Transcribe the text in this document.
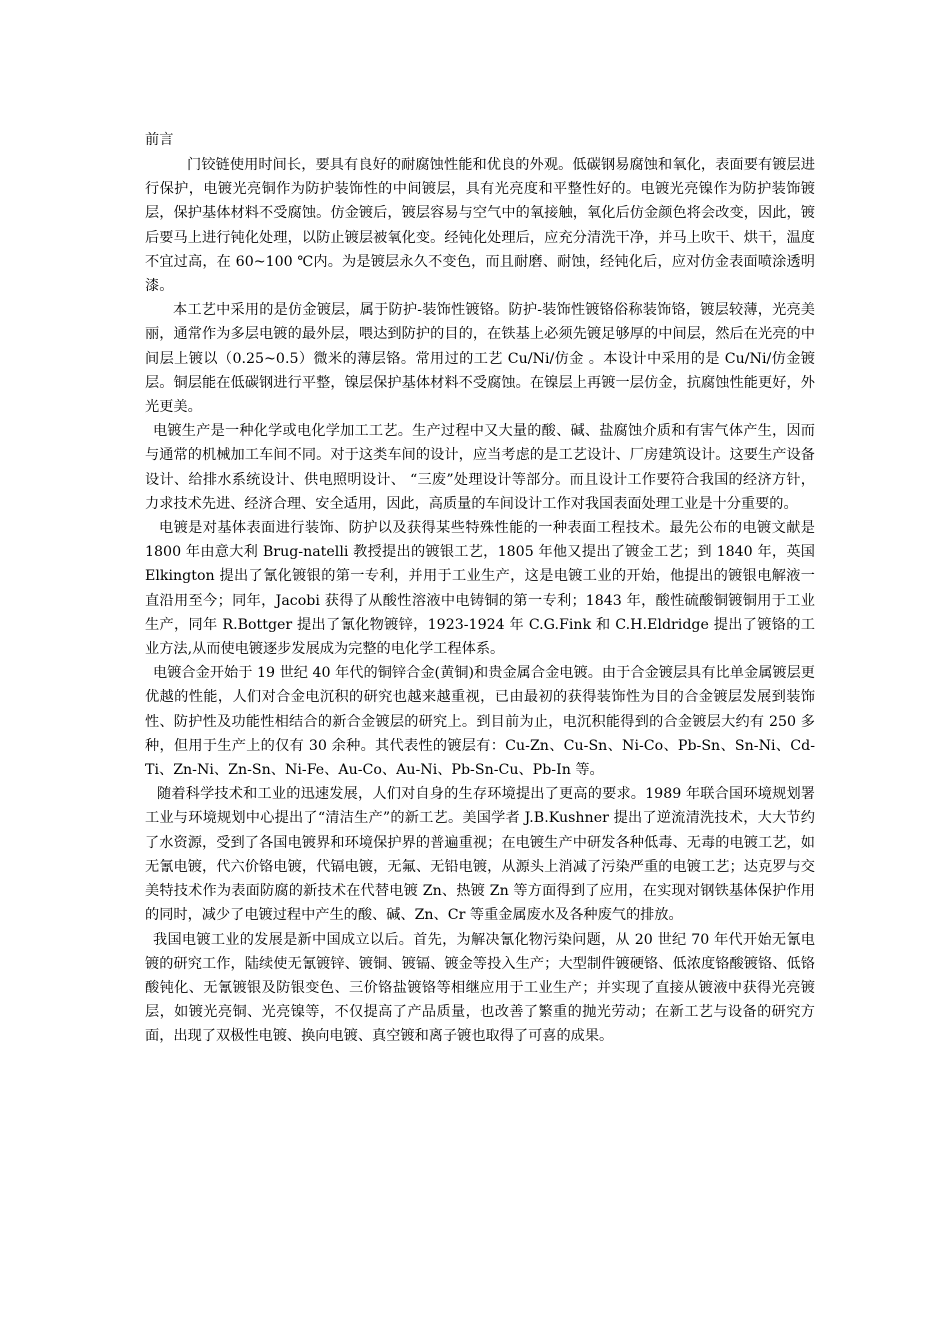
前言

门铰链使用时间长，要具有良好的耐腐蚀性能和优良的外观。低碳钢易腐蚀和氧化，表面要有镀层进行保护，电镀光亮铜作为防护装饰性的中间镀层，具有光亮度和平整性好的。电镀光亮镍作为防护装饰镀层，保护基体材料不受腐蚀。仿金镀后，镀层容易与空气中的氧接触，氧化后仿金颜色将会改变，因此，镀后要马上进行钝化处理，以防止镀层被氧化变。经钝化处理后，应充分清洗干净，并马上吹干、烘干，温度不宜过高，在 60~100 ℃内。为是镀层永久不变色，而且耐磨、耐蚀，经钝化后，应对仿金表面喷涂透明漆。

本工艺中采用的是仿金镀层，属于防护-装饰性镀铬。防护-装饰性镀铬俗称装饰铬，镀层较薄，光亮美丽，通常作为多层电镀的最外层，喂达到防护的目的，在铁基上必须先镀足够厚的中间层，然后在光亮的中间层上镀以（0.25~0.5）微米的薄层铬。常用过的工艺 Cu/Ni/仿金 。本设计中采用的是 Cu/Ni/仿金镀层。铜层能在低碳钢进行平整，镍层保护基体材料不受腐蚀。在镍层上再镀一层仿金，抗腐蚀性能更好，外光更美。

电镀生产是一种化学或电化学加工工艺。生产过程中又大量的酸、碱、盐腐蚀介质和有害气体产生，因而与通常的机械加工车间不同。对于这类车间的设计，应当考虑的是工艺设计、厂房建筑设计。这要生产设备设计、给排水系统设计、供电照明设计、 “三废”处理设计等部分。而且设计工作要符合我国的经济方针，力求技术先进、经济合理、安全适用，因此，高质量的车间设计工作对我国表面处理工业是十分重要的。

电镀是对基体表面进行装饰、防护以及获得某些特殊性能的一种表面工程技术。最先公布的电镀文献是 1800 年由意大利 Brug-natelli 教授提出的镀银工艺，1805 年他又提出了镀金工艺；到 1840 年，英国 Elkington 提出了氰化镀银的第一专利，并用于工业生产，这是电镀工业的开始，他提出的镀银电解液一直沿用至今；同年，Jacobi 获得了从酸性溶液中电铸铜的第一专利；1843 年，酸性硫酸铜镀铜用于工业生产，同年 R.Bottger 提出了氰化物镀锌，1923-1924 年 C.G.Fink 和 C.H.Eldridge 提出了镀铬的工业方法,从而使电镀逐步发展成为完整的电化学工程体系。

电镀合金开始于 19 世纪 40 年代的铜锌合金(黄铜)和贵金属合金电镀。由于合金镀层具有比单金属镀层更优越的性能，人们对合金电沉积的研究也越来越重视，已由最初的获得装饰性为目的合金镀层发展到装饰性、防护性及功能性相结合的新合金镀层的研究上。到目前为止，电沉积能得到的合金镀层大约有 250 多种，但用于生产上的仅有 30 余种。其代表性的镀层有：Cu-Zn、Cu-Sn、Ni-Co、Pb-Sn、Sn-Ni、Cd-Ti、Zn-Ni、Zn-Sn、Ni-Fe、Au-Co、Au-Ni、Pb-Sn-Cu、Pb-In 等。

随着科学技术和工业的迅速发展，人们对自身的生存环境提出了更高的要求。1989 年联合国环境规划署工业与环境规划中心提出了“清洁生产”的新工艺。美国学者 J.B.Kushner 提出了逆流清洗技术，大大节约了水资源，受到了各国电镀界和环境保护界的普遍重视；在电镀生产中研发各种低毒、无毒的电镀工艺，如无氰电镀，代六价铬电镀，代镉电镀，无氟、无铅电镀，从源头上消减了污染严重的电镀工艺；达克罗与交美特技术作为表面防腐的新技术在代替电镀 Zn、热镀 Zn 等方面得到了应用，在实现对钢铁基体保护作用的同时，减少了电镀过程中产生的酸、碱、Zn、Cr 等重金属废水及各种废气的排放。

我国电镀工业的发展是新中国成立以后。首先，为解决氰化物污染问题，从 20 世纪 70 年代开始无氰电镀的研究工作，陆续使无氰镀锌、镀铜、镀镉、镀金等投入生产；大型制件镀硬铬、低浓度铬酸镀铬、低铬酸钝化、无氰镀银及防银变色、三价铬盐镀铬等相继应用于工业生产；并实现了直接从镀液中获得光亮镀层，如镀光亮铜、光亮镍等，不仅提高了产品质量，也改善了繁重的抛光劳动；在新工艺与设备的研究方面，出现了双极性电镀、换向电镀、真空镀和离子镀也取得了可喜的成果。
